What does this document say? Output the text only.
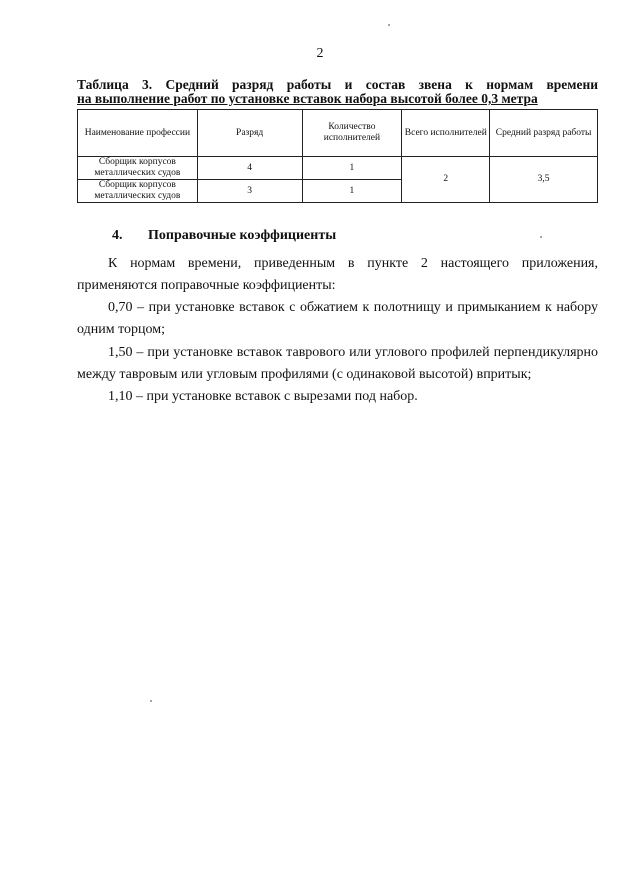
2
Таблица 3. Средний разряд работы и состав звена к нормам времени
на выполнение работ по установке вставок набора высотой более 0,3 метра
Наименование профессии	Разряд	Количество исполнителей	Всего исполнителей	Средний разряд работы
Сборщик корпусов металлических судов	4	1	2	3,5
Сборщик корпусов металлических судов	3	1		
4. Поправочные коэффициенты

К нормам времени, приведенным в пункте 2 настоящего приложения, применяются поправочные коэффициенты:

0,70 – при установке вставок с обжатием к полотнищу и примыканием к набору одним торцом;

1,50 – при установке вставок таврового или углового профилей перпендикулярно между тавровым или угловым профилями (с одинаковой высотой) впритык;

1,10 – при установке вставок с вырезами под набор.
